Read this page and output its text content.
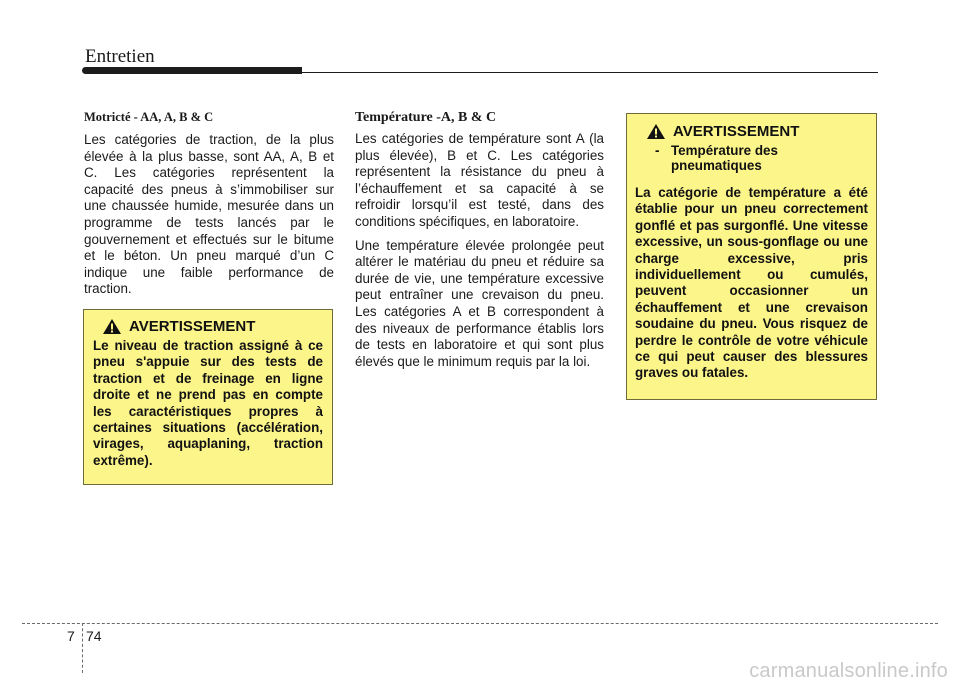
Entretien
Motricté - AA, A, B & C
Les catégories de traction, de la plus élevée à la plus basse, sont AA, A, B et C. Les catégories représentent la capacité des pneus à s’immobiliser sur une chaussée humide, mesurée dans un programme de tests lancés par le gouvernement et effectués sur le bitume et le béton. Un pneu marqué d’un C indique une faible performance de traction.
AVERTISSEMENT
Le niveau de traction assigné à ce pneu s'appuie sur des tests de traction et de freinage en ligne droite et ne prend pas en compte les caractéristiques propres à certaines situations (accélération, virages, aquaplaning, traction extrême).
Température -A, B & C
Les catégories de température sont A (la plus élevée), B et C. Les catégories représentent la résistance du pneu à l’échauffement et sa capacité à se refroidir lorsqu’il est testé, dans des conditions spécifiques, en laboratoire.
Une température élevée prolongée peut altérer le matériau du pneu et réduire sa durée de vie, une température excessive peut entraîner une crevaison du pneu. Les catégories A et B correspondent à des niveaux de performance établis lors de tests en laboratoire et qui sont plus élevés que le minimum requis par la loi.
AVERTISSEMENT
- Température des pneumatiques
La catégorie de température a été établie pour un pneu correctement gonflé et pas surgonflé. Une vitesse excessive, un sous-gonflage ou une charge excessive, pris individuellement ou cumulés, peuvent occasionner un échauffement et une crevaison soudaine du pneu. Vous risquez de perdre le contrôle de votre véhicule ce qui peut causer des blessures graves ou fatales.
7 74
carmanualsonline.info
